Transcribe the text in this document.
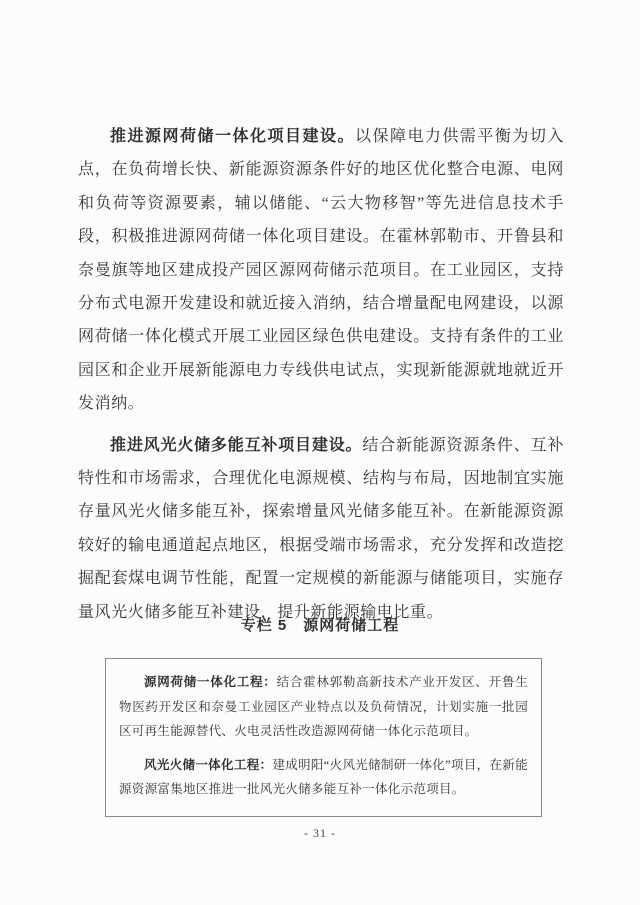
推进源网荷储一体化项目建设。以保障电力供需平衡为切入点，在负荷增长快、新能源资源条件好的地区优化整合电源、电网和负荷等资源要素，辅以储能、“云大物移智”等先进信息技术手段，积极推进源网荷储一体化项目建设。在霍林郭勒市、开鲁县和奈曼旗等地区建成投产园区源网荷储示范项目。在工业园区，支持分布式电源开发建设和就近接入消纳，结合增量配电网建设，以源网荷储一体化模式开展工业园区绿色供电建设。支持有条件的工业园区和企业开展新能源电力专线供电试点，实现新能源就地就近开发消纳。

推进风光火储多能互补项目建设。结合新能源资源条件、互补特性和市场需求，合理优化电源规模、结构与布局，因地制宜实施存量风光火储多能互补，探索增量风光储多能互补。在新能源资源较好的输电通道起点地区，根据受端市场需求，充分发挥和改造挖掘配套煤电调节性能，配置一定规模的新能源与储能项目，实施存量风光火储多能互补建设，提升新能源输电比重。

专栏 5　源网荷储工程

源网荷储一体化工程：结合霍林郭勒高新技术产业开发区、开鲁生物医药开发区和奈曼工业园区产业特点以及负荷情况，计划实施一批园区可再生能源替代、火电灵活性改造源网荷储一体化示范项目。

风光火储一体化工程：建成明阳“火风光储制研一体化”项目，在新能源资源富集地区推进一批风光火储多能互补一体化示范项目。

- 31 -
